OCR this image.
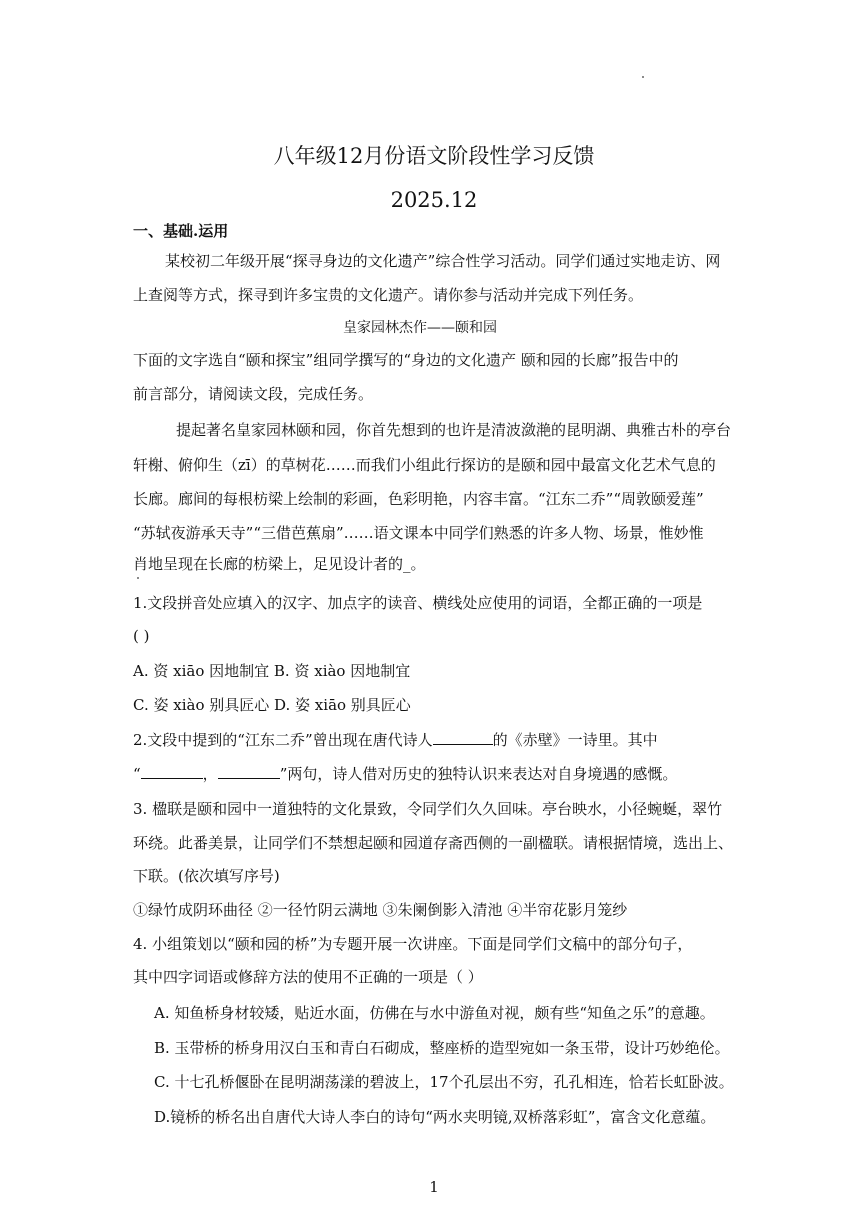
八年级12月份语文阶段性学习反馈
2025.12
一、基础.运用
某校初二年级开展“探寻身边的文化遗产”综合性学习活动。同学们通过实地走访、网
上查阅等方式，探寻到许多宝贵的文化遗产。请你参与活动并完成下列任务。
皇家园林杰作——颐和园
下面的文字选自“颐和探宝”组同学撰写的“身边的文化遗产 颐和园的长廊”报告中的
前言部分，请阅读文段，完成任务。
提起著名皇家园林颐和园，你首先想到的也许是清波潋滟的昆明湖、典雅古朴的亭台
轩榭、俯仰生（zī）的草树花……而我们小组此行探访的是颐和园中最富文化艺术气息的
长廊。廊间的每根枋梁上绘制的彩画，色彩明艳，内容丰富。“江东二乔”“周敦颐爱莲”
“苏轼夜游承天寺”“三借芭蕉扇”……语文课本中同学们熟悉的许多人物、场景，惟妙惟
肖地呈现在长廊的枋梁上，足见设计者的_。
1.文段拼音处应填入的汉字、加点字的读音、横线处应使用的词语，全都正确的一项是
( )
A. 资 xiāo 因地制宜 B. 资 xiào 因地制宜
C. 姿 xiào 别具匠心 D. 姿 xiāo 别具匠心
2.文段中提到的“江东二乔”曾出现在唐代诗人	的《赤壁》一诗里。其中
“	，	”两句，诗人借对历史的独特认识来表达对自身境遇的感慨。
3. 楹联是颐和园中一道独特的文化景致，令同学们久久回味。亭台映水，小径蜿蜒，翠竹
环绕。此番美景，让同学们不禁想起颐和园道存斋西侧的一副楹联。请根据情境，选出上、
下联。(依次填写序号)
①绿竹成阴环曲径 ②一径竹阴云满地 ③朱阑倒影入清池 ④半帘花影月笼纱
4. 小组策划以“颐和园的桥”为专题开展一次讲座。下面是同学们文稿中的部分句子，
其中四字词语或修辞方法的使用不正确的一项是（ ）
A. 知鱼桥身材较矮，贴近水面，仿佛在与水中游鱼对视，颇有些“知鱼之乐”的意趣。
B. 玉带桥的桥身用汉白玉和青白石砌成，整座桥的造型宛如一条玉带，设计巧妙绝伦。
C. 十七孔桥偃卧在昆明湖荡漾的碧波上，17个孔层出不穷，孔孔相连，恰若长虹卧波。
D.镜桥的桥名出自唐代大诗人李白的诗句“两水夹明镜,双桥落彩虹”，富含文化意蕴。
1
